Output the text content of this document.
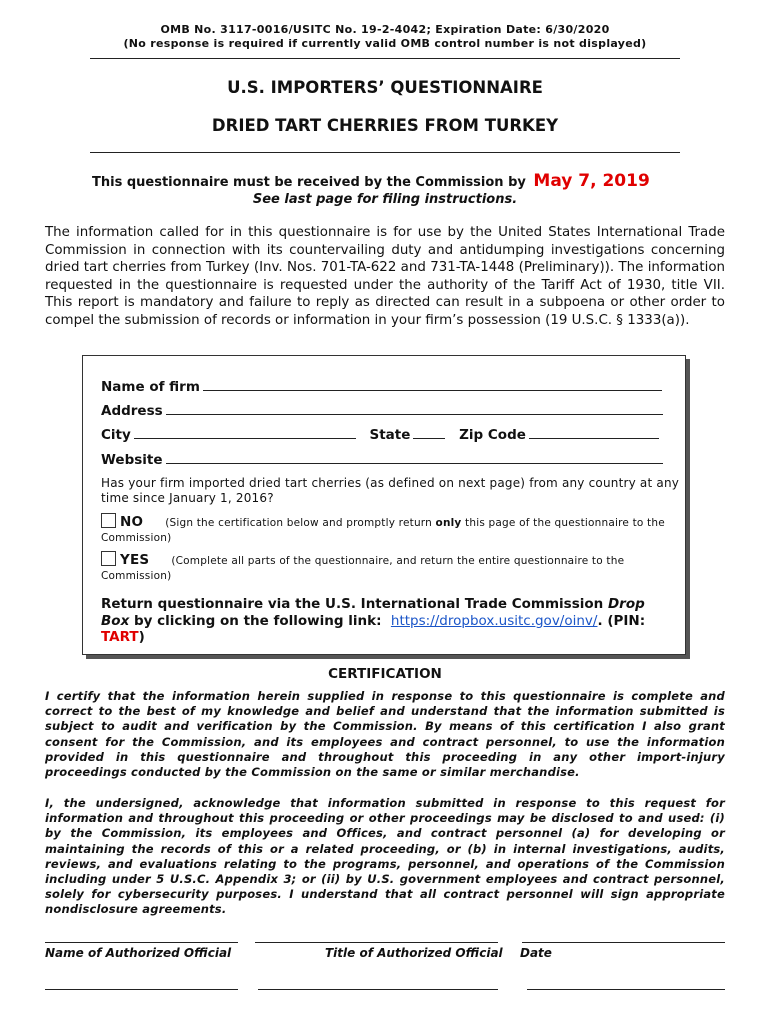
OMB No. 3117-0016/USITC No. 19-2-4042; Expiration Date: 6/30/2020
(No response is required if currently valid OMB control number is not displayed)
U.S. IMPORTERS’ QUESTIONNAIRE
DRIED TART CHERRIES FROM TURKEY
This questionnaire must be received by the Commission by May 7, 2019
See last page for filing instructions.
The information called for in this questionnaire is for use by the United States International Trade Commission in connection with its countervailing duty and antidumping investigations concerning dried tart cherries from Turkey (Inv. Nos. 701-TA-622 and 731-TA-1448 (Preliminary)). The information requested in the questionnaire is requested under the authority of the Tariff Act of 1930, title VII. This report is mandatory and failure to reply as directed can result in a subpoena or other order to compel the submission of records or information in your firm’s possession (19 U.S.C. § 1333(a)).
Name of firm
Address
City	State	Zip Code
Website
Has your firm imported dried tart cherries (as defined on next page) from any country at any time since January 1, 2016?
NO (Sign the certification below and promptly return only this page of the questionnaire to the Commission)
YES (Complete all parts of the questionnaire, and return the entire questionnaire to the Commission)
Return questionnaire via the U.S. International Trade Commission Drop Box by clicking on the following link:  https://dropbox.usitc.gov/oinv/. (PIN: TART)
CERTIFICATION
I certify that the information herein supplied in response to this questionnaire is complete and correct to the best of my knowledge and belief and understand that the information submitted is subject to audit and verification by the Commission. By means of this certification I also grant consent for the Commission, and its employees and contract personnel, to use the information provided in this questionnaire and throughout this proceeding in any other import-injury proceedings conducted by the Commission on the same or similar merchandise.
I, the undersigned, acknowledge that information submitted in response to this request for information and throughout this proceeding or other proceedings may be disclosed to and used: (i) by the Commission, its employees and Offices, and contract personnel (a) for developing or maintaining the records of this or a related proceeding, or (b) in internal investigations, audits, reviews, and evaluations relating to the programs, personnel, and operations of the Commission including under 5 U.S.C. Appendix 3; or (ii) by U.S. government employees and contract personnel, solely for cybersecurity purposes. I understand that all contract personnel will sign appropriate nondisclosure agreements.
Name of Authorized Official	Title of Authorized Official Date
